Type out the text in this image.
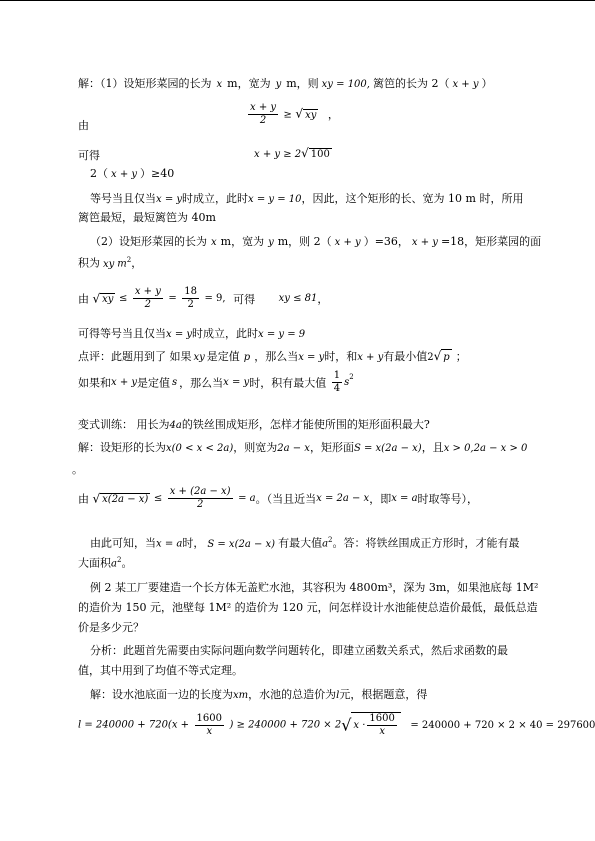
解：（1）设矩形菜园的长为 x m，宽为 y m，则 xy = 100, 篱笆的长为 2（ x + y ）
由	$\frac{x + y}{2}$ ≥ √ xy ，
可得	x + y ≥ 2√ 100
2（ x + y ）≥40
等号当且仅当x = y时成立，此时x = y = 10，因此，这个矩形的长、宽为 10 m 时，所用
篱笆最短，最短篱笆为 40m
（2）设矩形菜园的长为 x m，宽为 y m，则 2（ x + y ）=36， x + y =18，矩形菜园的面
积为 xy $m^2$，
由 √ xy ≤ $\frac{x + y}{2} = \frac{18}{2} = 9$, 可得 xy ≤ 81，
可得等号当且仅当x = y时成立，此时x = y = 9
点评：此题用到了 如果 xy 是定值 p ，那么当x = y时，和x + y有最小值2√ p ；
如果和x + y是定值 s ，那么当x = y时，积有最大值 $\frac{1}{4} s^2$
变式训练： 用长为4a的铁丝围成矩形，怎样才能使所围的矩形面积最大?
解：设矩形的长为x(0 < x < 2a)，则宽为2a − x，矩形面S = x(2a − x)，且x > 0,2a − x > 0
。
由 √ $x(2a - x) \le \frac{x + (2a - x)}{2} = a$。（当且近当x = 2a − x，即x = a时取等号），
由此可知，当x = a时， S = x(2a − x) 有最大值$a^2$。答：将铁丝围成正方形时，才能有最
大面积$a^2$。
例 2 某工厂要建造一个长方体无盖贮水池，其容积为 4800m³，深为 3m，如果池底每 1M²
的造价为 150 元，池壁每 1M² 的造价为 120 元，问怎样设计水池能使总造价最低，最低总造
价是多少元？
分析：此题首先需要由实际问题向数学问题转化，即建立函数关系式，然后求函数的最
值，其中用到了均值不等式定理。
解：设水池底面一边的长度为xm，水池的总造价为l元，根据题意，得
$l = 240000 + 720(x + \frac{1600}{x}$ ) ≥ 240000 + 720 × 2√ $x \cdot \frac{1600}{x} = 240000 + 720 \times 2 \times 40 = 297600$
